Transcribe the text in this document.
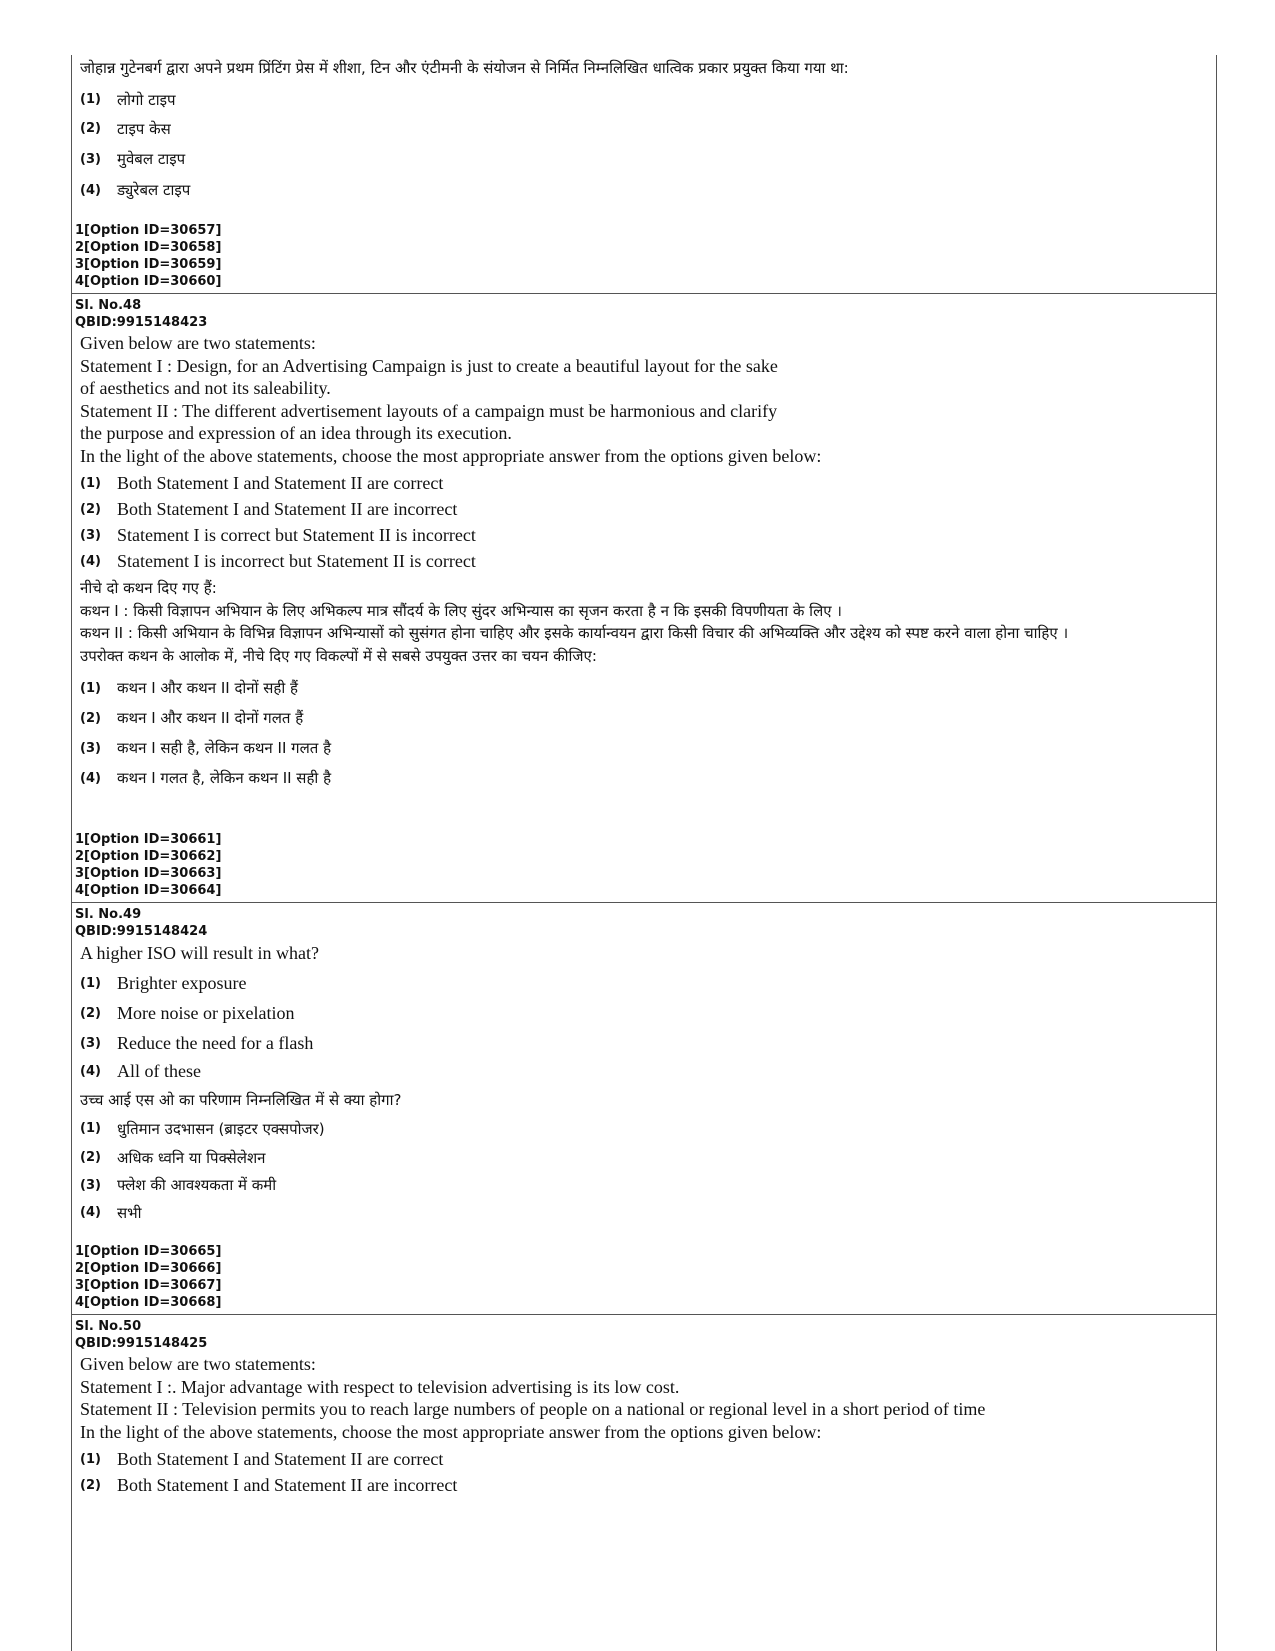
जोहान्न गुटेनबर्ग द्वारा अपने प्रथम प्रिंटिंग प्रेस में शीशा, टिन और एंटीमनी के संयोजन से निर्मित निम्नलिखित धात्विक प्रकार प्रयुक्त किया गया था:
(1)	लोगो टाइप
(2)	टाइप केस
(3)	मुवेबल टाइप
(4)	ड्युरेबल टाइप
1[Option ID=30657]
2[Option ID=30658]
3[Option ID=30659]
4[Option ID=30660]
Sl. No.48
QBID:9915148423
Given below are two statements:
Statement I : Design, for an Advertising Campaign is just to create a beautiful layout for the sake
of aesthetics and not its saleability.
Statement II : The different advertisement layouts of a campaign must be harmonious and clarify
the purpose and expression of an idea through its execution.
In the light of the above statements, choose the most appropriate answer from the options given below:
(1) Both Statement I and Statement II are correct
(2) Both Statement I and Statement II are incorrect
(3) Statement I is correct but Statement II is incorrect
(4) Statement I is incorrect but Statement II is correct
नीचे दो कथन दिए गए हैं:
कथन I : किसी विज्ञापन अभियान के लिए अभिकल्प मात्र सौंदर्य के लिए सुंदर अभिन्यास का सृजन करता है न कि इसकी विपणीयता के लिए ।
कथन II : किसी अभियान के विभिन्न विज्ञापन अभिन्यासों को सुसंगत होना चाहिए और इसके कार्यान्वयन द्वारा किसी विचार की अभिव्यक्ति और उद्देश्य को स्पष्ट करने वाला होना चाहिए ।
उपरोक्त कथन के आलोक में, नीचे दिए गए विकल्पों में से सबसे उपयुक्त उत्तर का चयन कीजिए:
(1)	कथन I और कथन II दोनों सही हैं
(2)	कथन I और कथन II दोनों गलत हैं
(3)	कथन I सही है, लेकिन कथन II गलत है
(4)	कथन I गलत है, लेकिन कथन II सही है
1[Option ID=30661]
2[Option ID=30662]
3[Option ID=30663]
4[Option ID=30664]
Sl. No.49
QBID:9915148424
A higher ISO will result in what?
(1) Brighter exposure
(2) More noise or pixelation
(3) Reduce the need for a flash
(4) All of these
उच्च आई एस ओ का परिणाम निम्नलिखित में से क्या होगा?
(1)	धुतिमान उदभासन (ब्राइटर एक्सपोजर)
(2)	अधिक ध्वनि या पिक्सेलेशन
(3)	फ्लेश की आवश्यकता में कमी
(4)	सभी
1[Option ID=30665]
2[Option ID=30666]
3[Option ID=30667]
4[Option ID=30668]
Sl. No.50
QBID:9915148425
Given below are two statements:
Statement I :. Major advantage with respect to television advertising is its low cost.
Statement II : Television permits you to reach large numbers of people on a national or regional level in a short period of time
In the light of the above statements, choose the most appropriate answer from the options given below:
(1) Both Statement I and Statement II are correct
(2) Both Statement I and Statement II are incorrect
